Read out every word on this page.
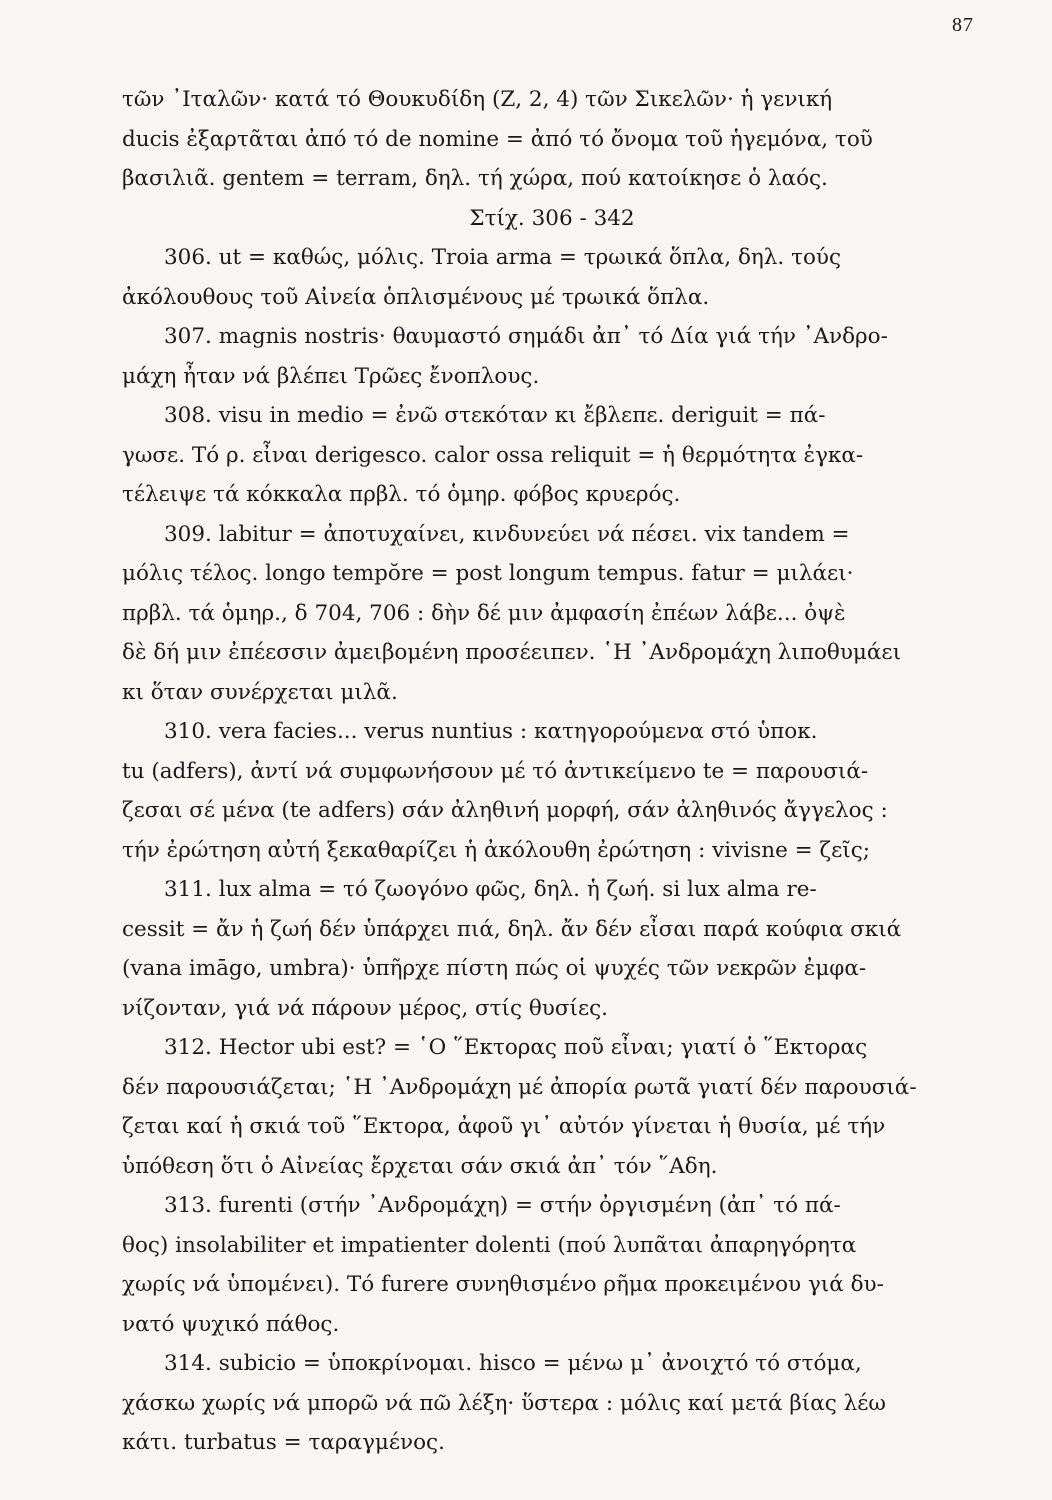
87
τῶν ᾿Ιταλῶν· κατά τό Θουκυδίδη (Ζ, 2, 4) τῶν Σικελῶν· ἡ γενική
ducis ἐξαρτᾶται ἀπό τό de nomine = ἀπό τό ὄνομα τοῦ ἡγεμόνα, τοῦ
βασιλιᾶ. gentem = terram, δηλ. τή χώρα, πού κατοίκησε ὁ λαός.
Στίχ. 306 - 342
306. ut = καθώς, μόλις. Troia arma = τρωικά ὅπλα, δηλ. τούς
ἀκόλουθους τοῦ Αἰνεία ὁπλισμένους μέ τρωικά ὅπλα.
307. magnis nostris· θαυμαστό σημάδι ἀπ᾿ τό Δία γιά τήν ᾿Ανδρο-
μάχη ἦταν νά βλέπει Τρῶες ἔνοπλους.
308. visu in medio = ἐνῶ στεκόταν κι ἔβλεπε. deriguit = πά-
γωσε. Τό ρ. εἶναι derigesco. calor ossa reliquit = ἡ θερμότητα ἐγκα-
τέλειψε τά κόκκαλα πρβλ. τό ὁμηρ. φόβος κρυερός.
309. labitur = ἀποτυχαίνει, κινδυνεύει νά πέσει. vix tandem =
μόλις τέλος. longo tempŏre = post longum tempus. fatur = μιλάει·
πρβλ. τά ὁμηρ., δ 704, 706 : δὴν δέ μιν ἀμφασίη ἐπέων λάβε... ὀψὲ
δὲ δή μιν ἐπέεσσιν ἀμειβομένη προσέειπεν. ῾Η ᾿Ανδρομάχη λιποθυμάει
κι ὅταν συνέρχεται μιλᾶ.
310. vera facies... verus nuntius : κατηγορούμενα στό ὑποκ.
tu (adfers), ἀντί νά συμφωνήσουν μέ τό ἀντικείμενο te = παρουσιά-
ζεσαι σέ μένα (te adfers) σάν ἀληθινή μορφή, σάν ἀληθινός ἄγγελος :
τήν ἐρώτηση αὐτή ξεκαθαρίζει ἡ ἀκόλουθη ἐρώτηση : vivisne = ζεῖς;
311. lux alma = τό ζωογόνο φῶς, δηλ. ἡ ζωή. si lux alma re-
cessit = ἄν ἡ ζωή δέν ὑπάρχει πιά, δηλ. ἄν δέν εἶσαι παρά κούφια σκιά
(vana imāgo, umbra)· ὑπῆρχε πίστη πώς οἱ ψυχές τῶν νεκρῶν ἐμφα-
νίζονταν, γιά νά πάρουν μέρος, στίς θυσίες.
312. Hector ubi est? = ῾Ο ῞Εκτορας ποῦ εἶναι; γιατί ὁ ῞Εκτορας
δέν παρουσιάζεται; ῾Η ᾿Ανδρομάχη μέ ἀπορία ρωτᾶ γιατί δέν παρουσιά-
ζεται καί ἡ σκιά τοῦ ῞Εκτορα, ἀφοῦ γι᾿ αὐτόν γίνεται ἡ θυσία, μέ τήν
ὑπόθεση ὅτι ὁ Αἰνείας ἔρχεται σάν σκιά ἀπ᾿ τόν ῞Αδη.
313. furenti (στήν ᾿Ανδρομάχη) = στήν ὀργισμένη (ἀπ᾿ τό πά-
θος) insolabiliter et impatienter dolenti (πού λυπᾶται ἀπαρηγόρητα
χωρίς νά ὑπομένει). Τό furere συνηθισμένο ρῆμα προκειμένου γιά δυ-
νατό ψυχικό πάθος.
314. subicio = ὑποκρίνομαι. hisco = μένω μ᾿ ἀνοιχτό τό στόμα,
χάσκω χωρίς νά μπορῶ νά πῶ λέξη· ὕστερα : μόλις καί μετά βίας λέω
κάτι. turbatus = ταραγμένος.
